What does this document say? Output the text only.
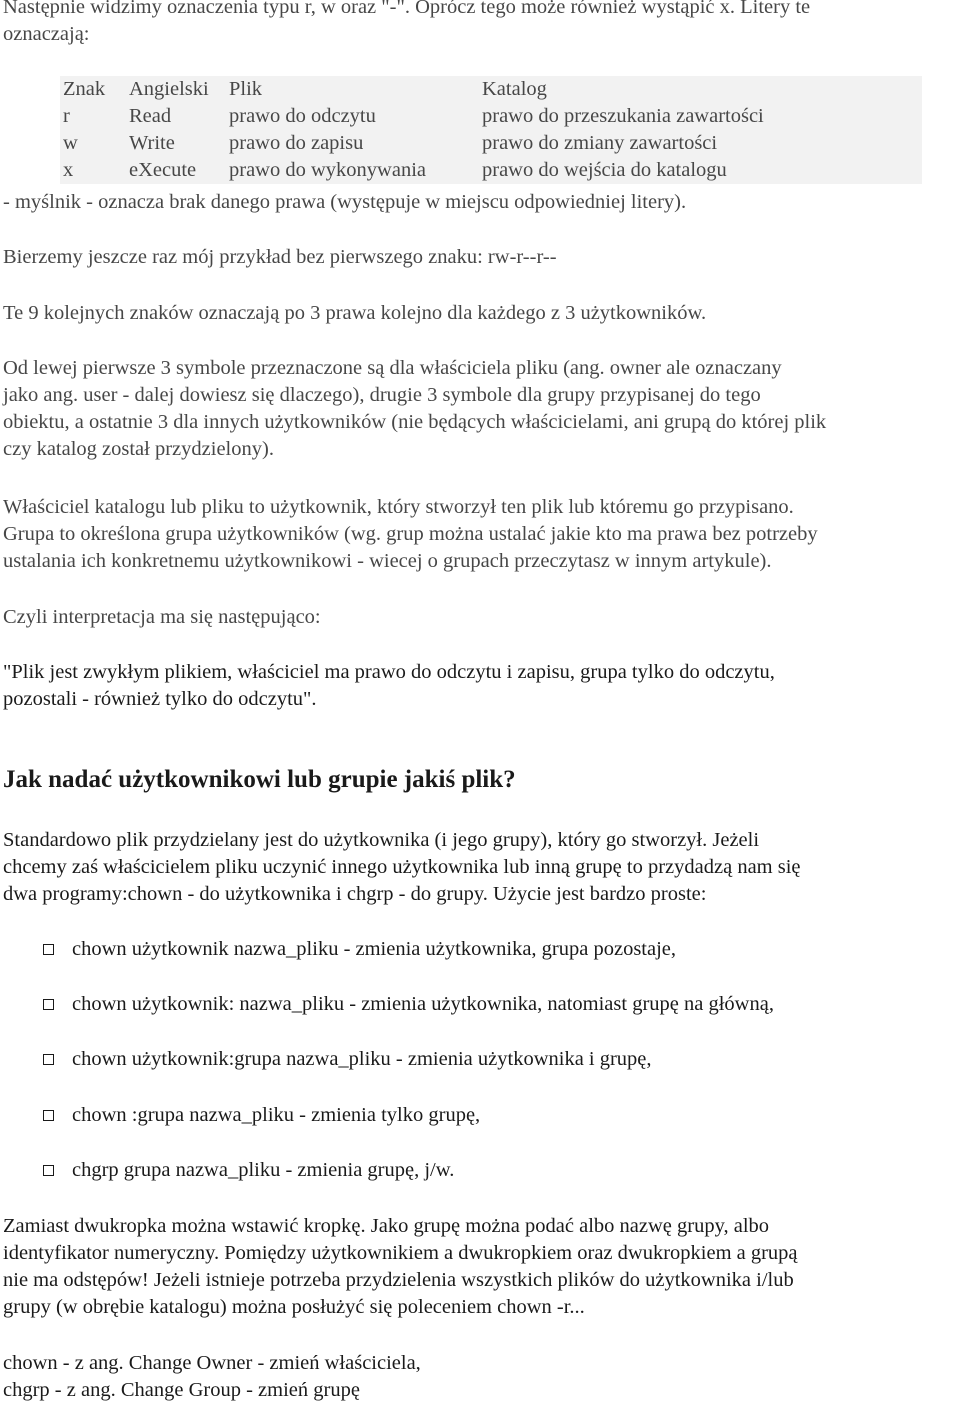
Następnie widzimy oznaczenia typu r, w oraz "-". Oprócz tego może również wystąpić x. Litery te
oznaczają:
Znak	Angielski	Plik	Katalog
r	Read	prawo do odczytu	prawo do przeszukania zawartości
w	Write	prawo do zapisu	prawo do zmiany zawartości
x	eXecute	prawo do wykonywania	prawo do wejścia do katalogu
- myślnik - oznacza brak danego prawa (występuje w miejscu odpowiedniej litery).
Bierzemy jeszcze raz mój przykład bez pierwszego znaku: rw-r--r--
Te 9 kolejnych znaków oznaczają po 3 prawa kolejno dla każdego z 3 użytkowników.
Od lewej pierwsze 3 symbole przeznaczone są dla właściciela pliku (ang. owner ale oznaczany
jako ang. user - dalej dowiesz się dlaczego), drugie 3 symbole dla grupy przypisanej do tego
obiektu, a ostatnie 3 dla innych użytkowników (nie będących właścicielami, ani grupą do której plik
czy katalog został przydzielony).
Właściciel katalogu lub pliku to użytkownik, który stworzył ten plik lub któremu go przypisano.
Grupa to określona grupa użytkowników (wg. grup można ustalać jakie kto ma prawa bez potrzeby
ustalania ich konkretnemu użytkownikowi - wiecej o grupach przeczytasz w innym artykule).
Czyli interpretacja ma się następująco:
"Plik jest zwykłym plikiem, właściciel ma prawo do odczytu i zapisu, grupa tylko do odczytu,
pozostali - również tylko do odczytu".
Jak nadać użytkownikowi lub grupie jakiś plik?
Standardowo plik przydzielany jest do użytkownika (i jego grupy), który go stworzył. Jeżeli
chcemy zaś właścicielem pliku uczynić innego użytkownika lub inną grupę to przydadzą nam się
dwa programy:chown - do użytkownika i chgrp - do grupy. Użycie jest bardzo proste:
chown użytkownik nazwa_pliku - zmienia użytkownika, grupa pozostaje,
chown użytkownik: nazwa_pliku - zmienia użytkownika, natomiast grupę na główną,
chown użytkownik:grupa nazwa_pliku - zmienia użytkownika i grupę,
chown :grupa nazwa_pliku - zmienia tylko grupę,
chgrp grupa nazwa_pliku - zmienia grupę, j/w.
Zamiast dwukropka można wstawić kropkę. Jako grupę można podać albo nazwę grupy, albo
identyfikator numeryczny. Pomiędzy użytkownikiem a dwukropkiem oraz dwukropkiem a grupą
nie ma odstępów! Jeżeli istnieje potrzeba przydzielenia wszystkich plików do użytkownika i/lub
grupy (w obrębie katalogu) można posłużyć się poleceniem chown -r...
chown - z ang. Change Owner - zmień właściciela,
chgrp - z ang. Change Group - zmień grupę
